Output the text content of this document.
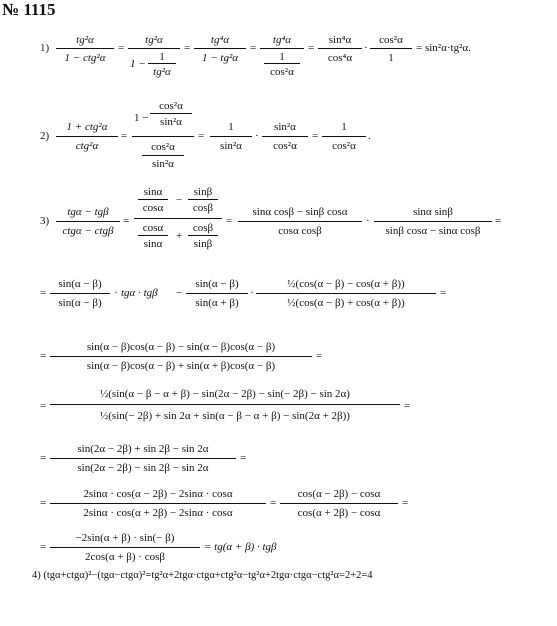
№ 1115
1)
tg²α
1 − ctg²α
=
tg²α
1 −
1
tg²α
=
tg⁴α
1 − tg²α
=
tg⁴α
1
cos²α
=
sin⁴α
cos⁴α
·
cos²α
1
= sin²α·tg²α.
2)
1 + ctg²α
ctg²α
=
1 −
cos²α
sin²α
cos²α
sin²α
=
1
sin²α
·
sin²α
cos²α
=
1
cos²α
.
3)
tgα − tgβ
ctgα − ctgβ
=
sinα
cosα
−
sinβ
cosβ
cosα
sinα
+
cosβ
sinβ
=
sinα cosβ − sinβ cosα
cosα cosβ
·
sinα sinβ
sinβ cosα − sinα cosβ
=
=
sin(α − β)
sin(α − β)
· tgα · tgβ −
sin(α − β)
sin(α + β)
·
½(cos(α − β) − cos(α + β))
½(cos(α − β) + cos(α + β))
=
=
sin(α − β)cos(α − β) − sin(α − β)cos(α − β)
sin(α − β)cos(α − β) + sin(α + β)cos(α − β)
=
=
½(sin(α − β − α + β) − sin(2α − 2β) − sin(− 2β) − sin 2α)
½(sin(− 2β) + sin 2α + sin(α − β − α + β) − sin(2α + 2β))
=
=
sin(2α − 2β) + sin 2β − sin 2α
sin(2α − 2β) − sin 2β − sin 2α
=
=
2sinα · cos(α − 2β) − 2sinα · cosα
2sinα · cos(α + 2β) − 2sinα · cosα
=
cos(α − 2β) − cosα
cos(α + 2β) − cosα
=
=
−2sin(α + β) · sin(− β)
2cos(α + β) · cosβ
= tg(α + β) · tgβ
4) (tgα+ctgα)²−(tgα−ctgα)²=tg²α+2tgα·ctgα+ctg²α−tg²α+2tgα·ctgα−ctg²α=2+2=4
